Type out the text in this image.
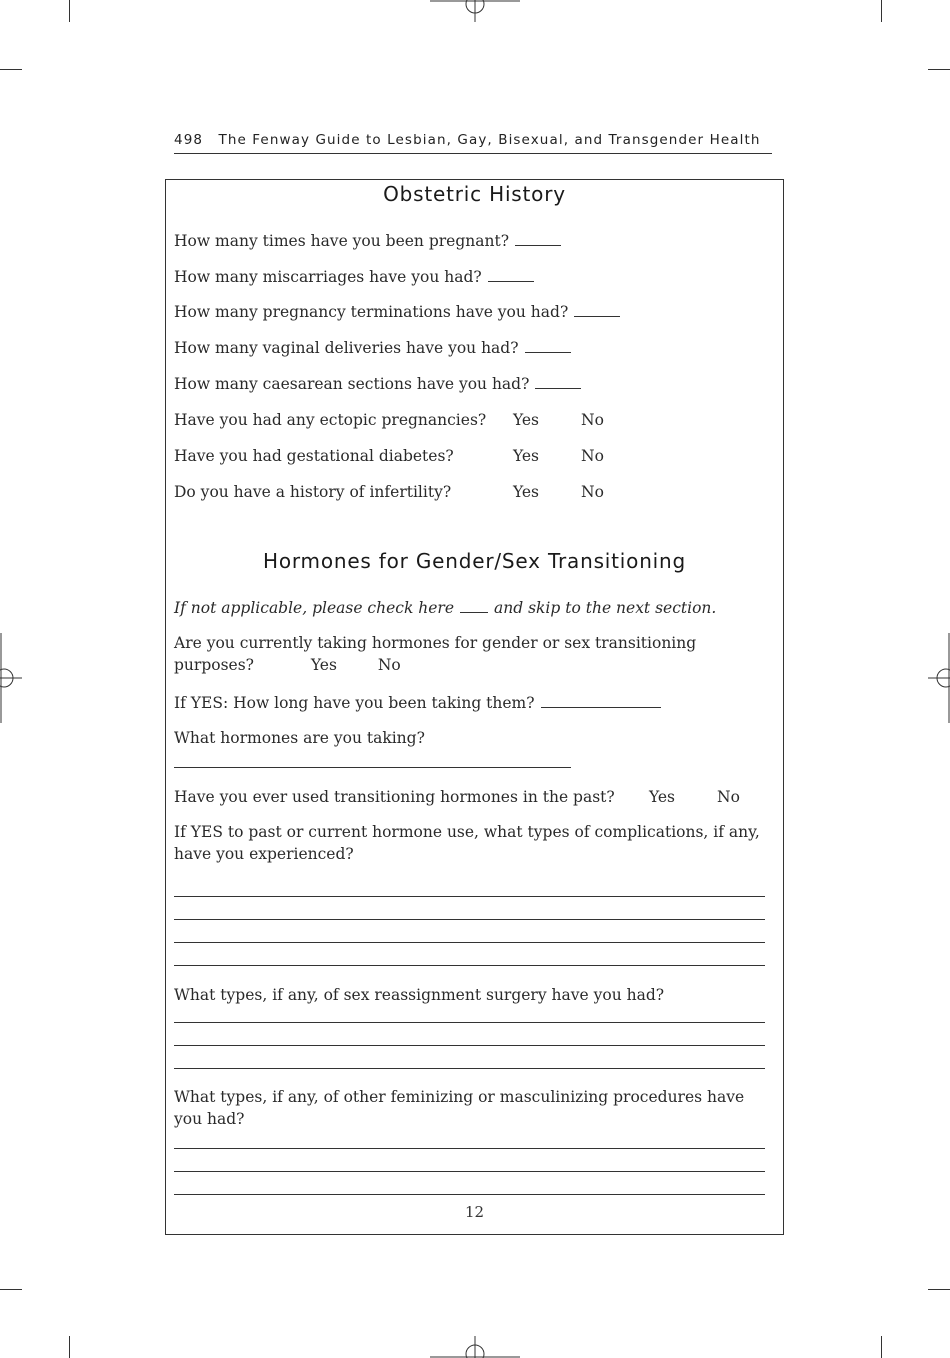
498 The Fenway Guide to Lesbian, Gay, Bisexual, and Transgender Health
Obstetric History
How many times have you been pregnant?
How many miscarriages have you had?
How many pregnancy terminations have you had?
How many vaginal deliveries have you had?
How many caesarean sections have you had?
Have you had any ectopic pregnancies? Yes	No
Have you had gestational diabetes?	Yes	No
Do you have a history of infertility?	Yes	No
Hormones for Gender/Sex Transitioning
If not applicable, please check here	and skip to the next section.
Are you currently taking hormones for gender or sex transitioning purposes?	Yes	No
If YES: How long have you been taking them?
What hormones are you taking?
Have you ever used transitioning hormones in the past? Yes	No
If YES to past or current hormone use, what types of complications, if any, have you experienced?
What types, if any, of sex reassignment surgery have you had?
What types, if any, of other feminizing or masculinizing procedures have you had?
12
